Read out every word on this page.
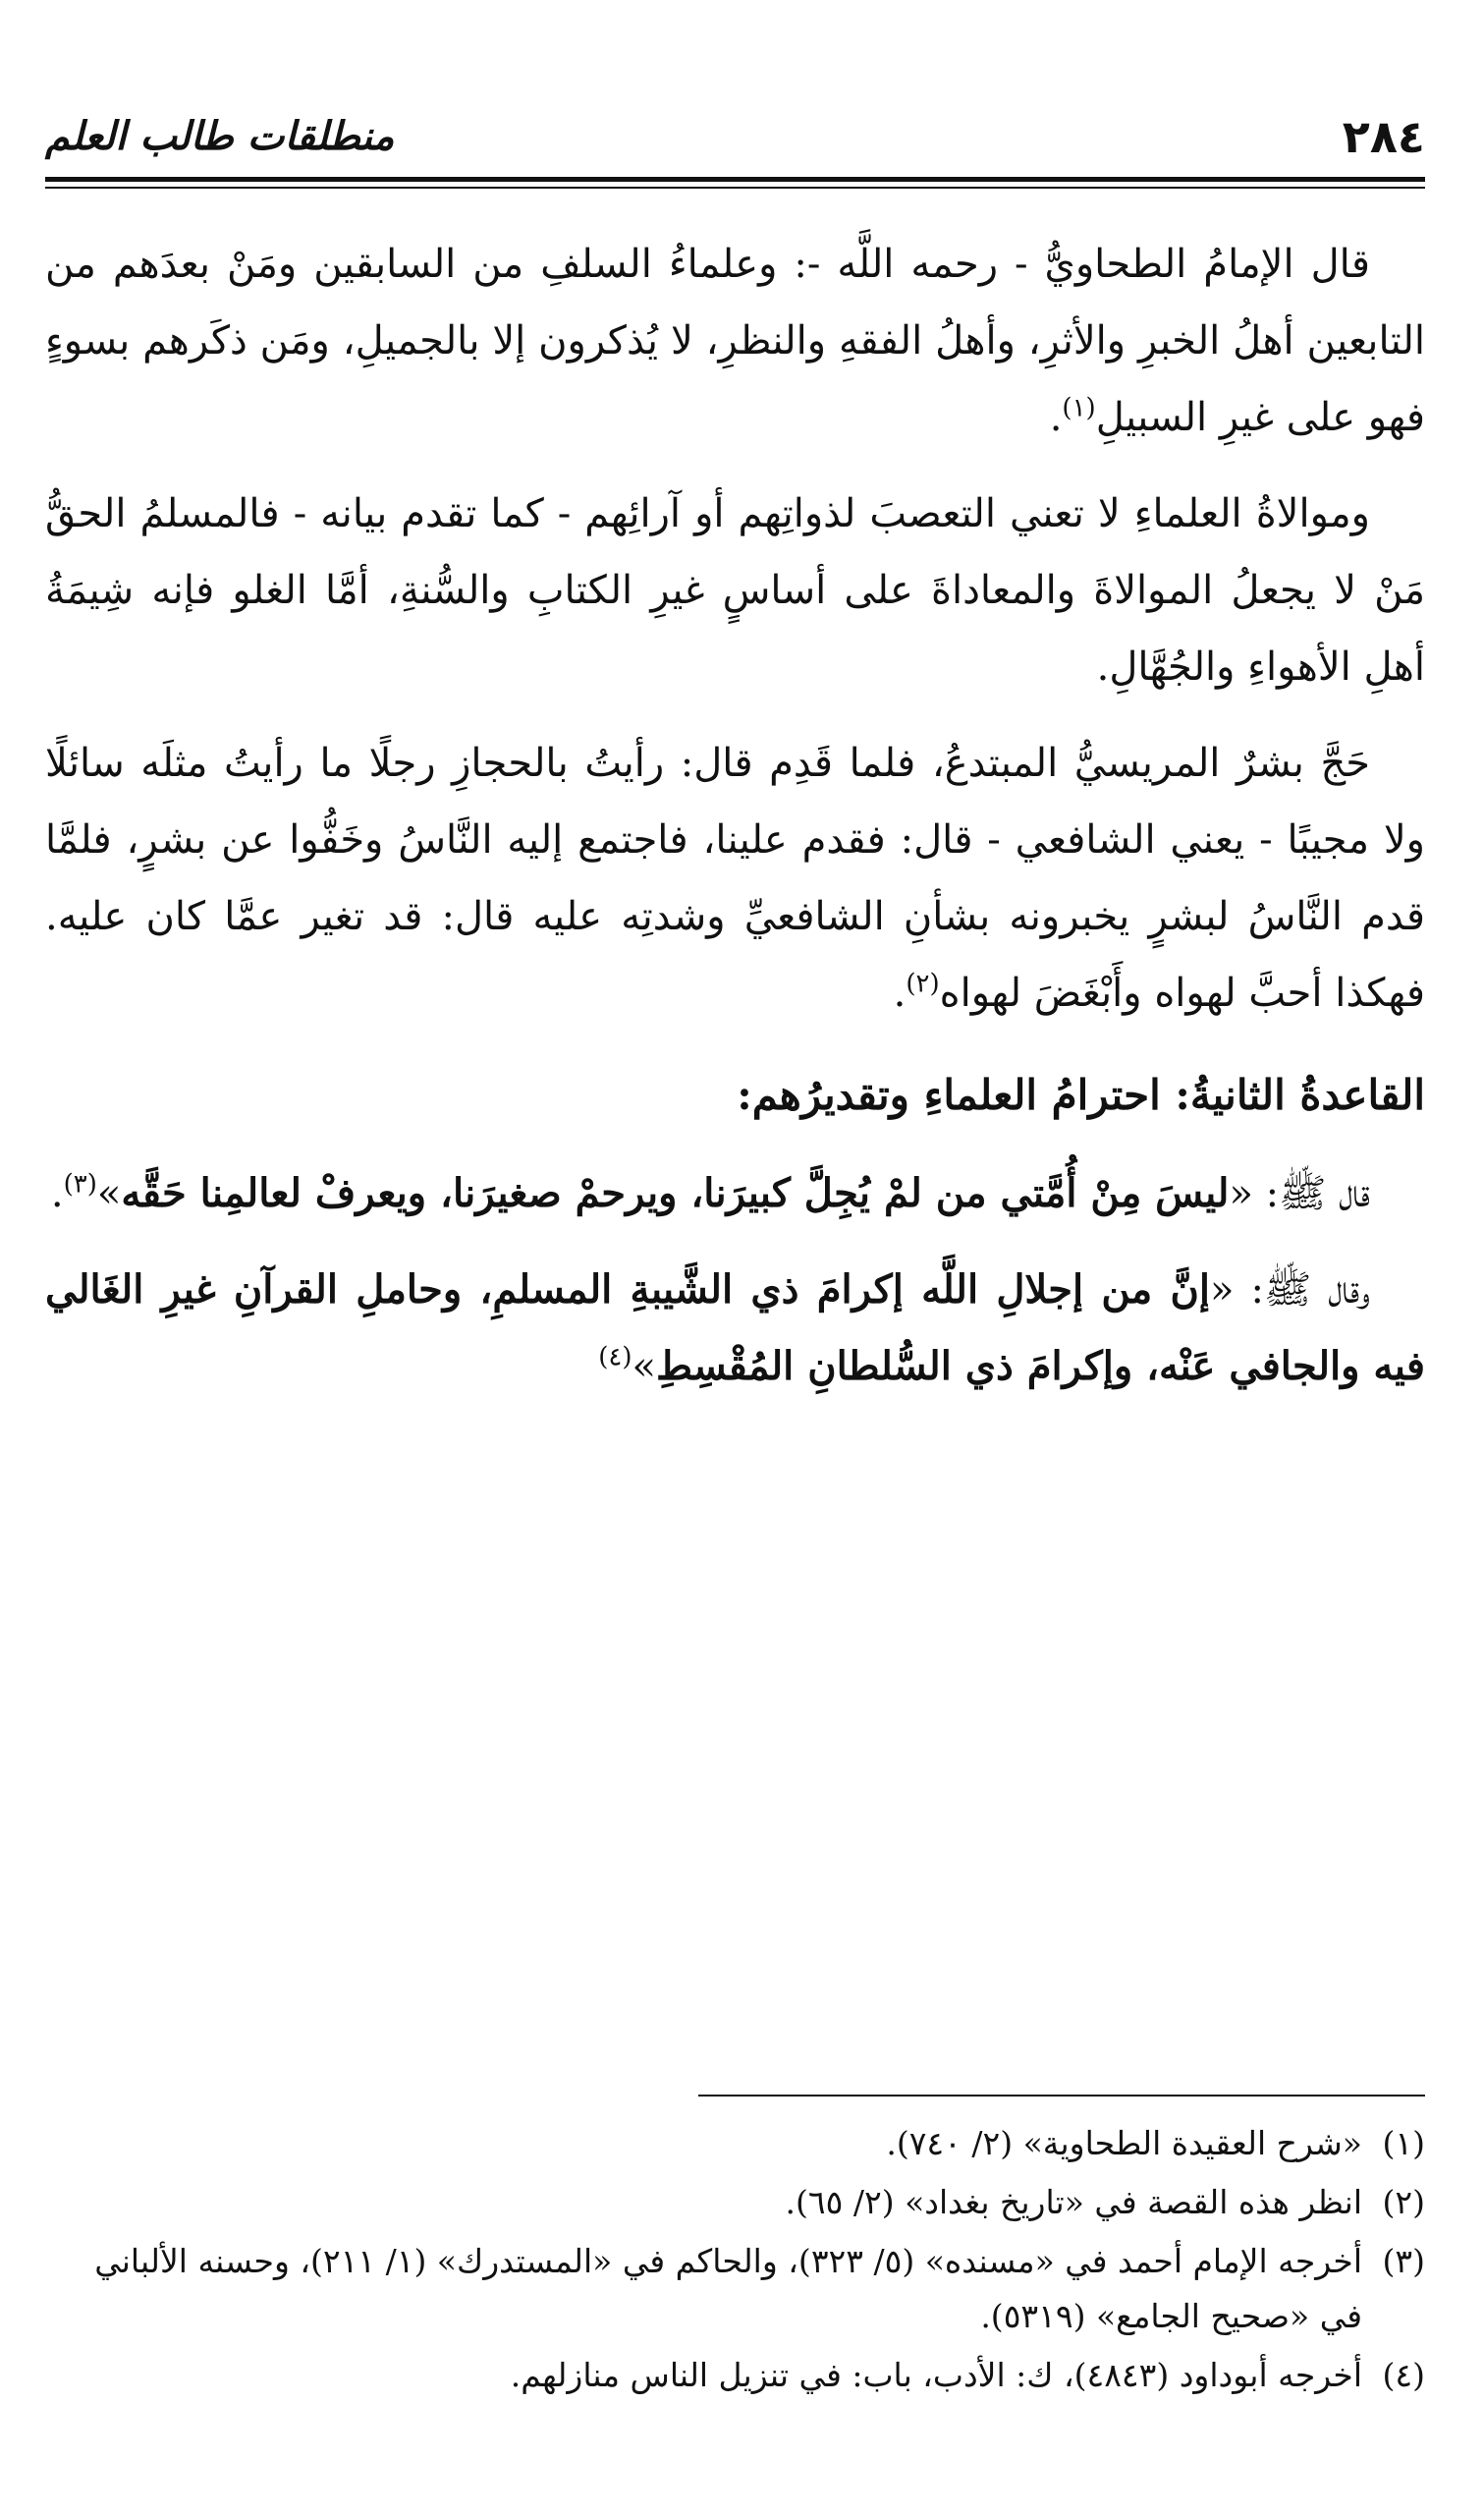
٢٨٤
منطلقات طالب العلم

قال الإمامُ الطحاويُّ - رحمه اللَّه -: وعلماءُ السلفِ من السابقين ومَنْ بعدَهم من التابعين أهلُ الخبرِ والأثرِ، وأهلُ الفقهِ والنظرِ، لا يُذكرون إلا بالجميلِ، ومَن ذكَرهم بسوءٍ فهو على غيرِ السبيلِ$^{(١)}$.

وموالاةُ العلماءِ لا تعني التعصبَ لذواتِهم أو آرائِهم - كما تقدم بيانه - فالمسلمُ الحقُّ مَنْ لا يجعلُ الموالاةَ والمعاداةَ على أساسٍ غيرِ الكتابِ والسُّنةِ، أمَّا الغلو فإنه شِيمَةُ أهلِ الأهواءِ والجُهَّالِ.

حَجَّ بشرٌ المريسيُّ المبتدعُ، فلما قَدِم قال: رأيتُ بالحجازِ رجلًا ما رأيتُ مثلَه سائلًا ولا مجيبًا - يعني الشافعي - قال: فقدم علينا، فاجتمع إليه النَّاسُ وخَفُّوا عن بشرٍ، فلمَّا قدم النَّاسُ لبشرٍ يخبرونه بشأنِ الشافعيِّ وشدتِه عليه قال: قد تغير عمَّا كان عليه. فهكذا أحبَّ لهواه وأَبْغَضَ لهواه$^{(٢)}$.

القاعدةُ الثانيةُ: احترامُ العلماءِ وتقديرُهم:

قال ﷺ: «ليسَ مِنْ أُمَّتي من لمْ يُجِلَّ كبيرَنا، ويرحمْ صغيرَنا، ويعرفْ لعالمِنا حَقَّه»$^{(٣)}$.

وقال ﷺ: «إنَّ من إجلالِ اللَّه إكرامَ ذي الشَّيبةِ المسلمِ، وحاملِ القرآنِ غيرِ الغَالي فيه والجافي عَنْه، وإكرامَ ذي السُّلطانِ المُقْسِطِ»$^{(٤)}$

(١)
«شرح العقيدة الطحاوية» (٢/ ٧٤٠).
(٢)
انظر هذه القصة في «تاريخ بغداد» (٢/ ٦٥).
(٣)
أخرجه الإمام أحمد في «مسنده» (٥/ ٣٢٣)، والحاكم في «المستدرك» (١/ ٢١١)، وحسنه الألباني في «صحيح الجامع» (٥٣١٩).
(٤)
أخرجه أبوداود (٤٨٤٣)، ك: الأدب، باب: في تنزيل الناس منازلهم.
